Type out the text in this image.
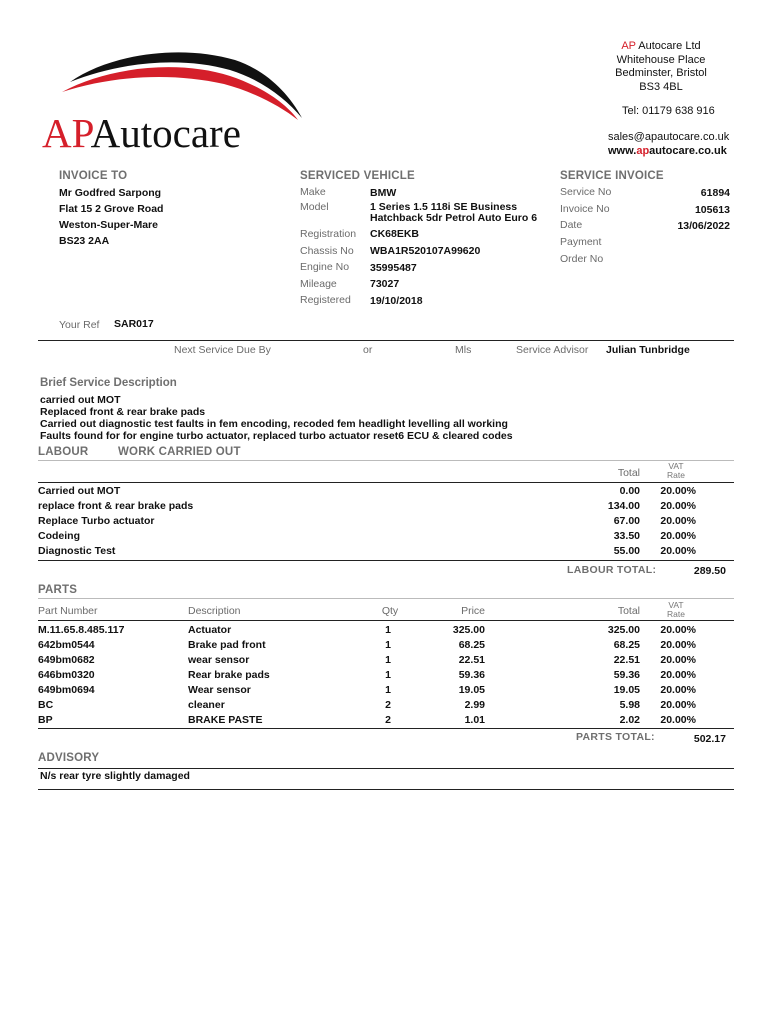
APAutocare
AP Autocare Ltd
Whitehouse Place
Bedminster, Bristol
BS3 4BL
Tel: 01179 638 916
sales@apautocare.co.uk
www.apautocare.co.uk
INVOICE TO
Mr Godfred Sarpong
Flat 15 2 Grove Road
Weston-Super-Mare
BS23 2AA
Your Ref SAR017
SERVICED VEHICLE
Make	BMW
Model	1 Series 1.5 118i SE Business
Hatchback 5dr Petrol Auto Euro 6
Registration CK68EKB
Chassis No WBA1R520107A99620
Engine No 35995487
Mileage	73027
Registered 19/10/2018
SERVICE INVOICE
Service No	61894
Invoice No	105613
Date	13/06/2022
Payment
Order No
Next Service Due By	or	Mls	Service Advisor Julian Tunbridge
Brief Service Description
carried out MOT
Replaced front & rear brake pads
Carried out diagnostic test faults in fem encoding, recoded fem headlight levelling all working
Faults found for for engine turbo actuator, replaced turbo actuator reset6 ECU & cleared codes
LABOUR	WORK CARRIED OUT
Total
VAT
Rate
Carried out MOT	0.00	20.00%
replace front & rear brake pads	134.00	20.00%
Replace Turbo actuator	67.00	20.00%
Codeing	33.50	20.00%
Diagnostic Test	55.00	20.00%
LABOUR TOTAL:	289.50
PARTS
Part Number	Description	Qty	Price	Total	VAT
Rate
M.11.65.8.485.117	Actuator	1	325.00	325.00	20.00%
642bm0544	Brake pad front	1	68.25	68.25	20.00%
649bm0682	wear sensor	1	22.51	22.51	20.00%
646bm0320	Rear brake pads	1	59.36	59.36	20.00%
649bm0694	Wear sensor	1	19.05	19.05	20.00%
BC	cleaner	2	2.99	5.98	20.00%
BP	BRAKE PASTE	2	1.01	2.02	20.00%
PARTS TOTAL:	502.17
ADVISORY
N/s rear tyre slightly damaged
